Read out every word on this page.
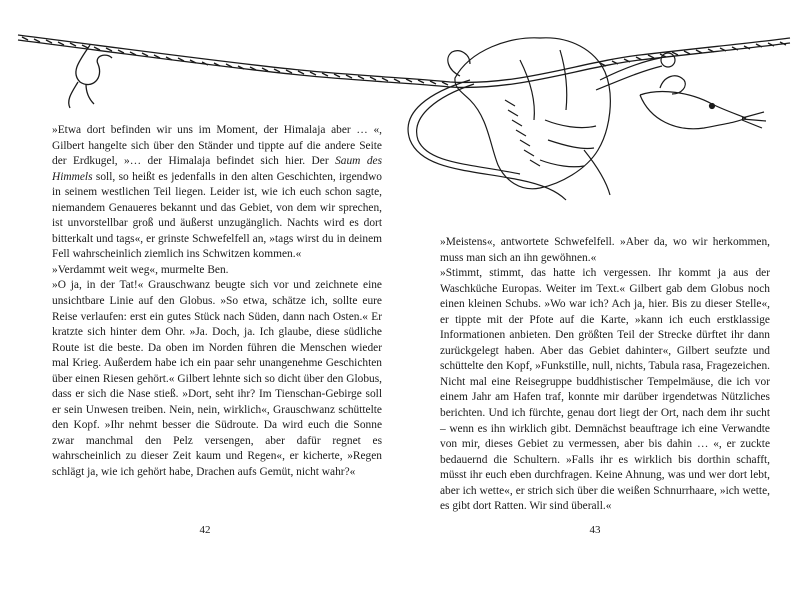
»Etwa dort befinden wir uns im Moment, der Himalaja aber … «, Gilbert hangelte sich über den Ständer und tippte auf die andere Seite der Erdkugel, »… der Himalaja befindet sich hier. Der Saum des Himmels soll, so heißt es jedenfalls in den alten Geschichten, irgendwo in seinem westlichen Teil liegen. Leider ist, wie ich euch schon sagte, niemandem Genaueres bekannt und das Gebiet, von dem wir sprechen, ist unvorstellbar groß und äußerst unzugänglich. Nachts wird es dort bitterkalt und tags«, er grinste Schwefelfell an, »tags wirst du in deinem Fell wahrscheinlich ziemlich ins Schwitzen kommen.«

»Verdammt weit weg«, murmelte Ben.

»O ja, in der Tat!« Grauschwanz beugte sich vor und zeichnete eine unsichtbare Linie auf den Globus. »So etwa, schätze ich, sollte eure Reise verlaufen: erst ein gutes Stück nach Süden, dann nach Osten.« Er kratzte sich hinter dem Ohr. »Ja. Doch, ja. Ich glaube, diese südliche Route ist die beste. Da oben im Norden führen die Menschen wieder mal Krieg. Außerdem habe ich ein paar sehr unangenehme Geschichten über einen Riesen gehört.« Gilbert lehnte sich so dicht über den Globus, dass er sich die Nase stieß. »Dort, seht ihr? Im Tienschan-Gebirge soll er sein Unwesen treiben. Nein, nein, wirklich«, Grauschwanz schüttelte den Kopf. »Ihr nehmt besser die Südroute. Da wird euch die Sonne zwar manchmal den Pelz versengen, aber dafür regnet es wahrscheinlich zu dieser Zeit kaum und Regen«, er kicherte, »Regen schlägt ja, wie ich gehört habe, Drachen aufs Gemüt, nicht wahr?«

»Meistens«, antwortete Schwefelfell. »Aber da, wo wir herkommen, muss man sich an ihn gewöhnen.«

»Stimmt, stimmt, das hatte ich vergessen. Ihr kommt ja aus der Waschküche Europas. Weiter im Text.« Gilbert gab dem Globus noch einen kleinen Schubs. »Wo war ich? Ach ja, hier. Bis zu dieser Stelle«, er tippte mit der Pfote auf die Karte, »kann ich euch erstklassige Informationen anbieten. Den größten Teil der Strecke dürftet ihr dann zurückgelegt haben. Aber das Gebiet dahinter«, Gilbert seufzte und schüttelte den Kopf, »Funkstille, null, nichts, Tabula rasa, Fragezeichen. Nicht mal eine Reisegruppe buddhistischer Tempelmäuse, die ich vor einem Jahr am Hafen traf, konnte mir darüber irgendetwas Nützliches berichten. Und ich fürchte, genau dort liegt der Ort, nach dem ihr sucht – wenn es ihn wirklich gibt. Demnächst beauftrage ich eine Verwandte von mir, dieses Gebiet zu vermessen, aber bis dahin … «, er zuckte bedauernd die Schultern. »Falls ihr es wirklich bis dorthin schafft, müsst ihr euch eben durchfragen. Keine Ahnung, was und wer dort lebt, aber ich wette«, er strich sich über die weißen Schnurrhaare, »ich wette, es gibt dort Ratten. Wir sind überall.«

42	43
